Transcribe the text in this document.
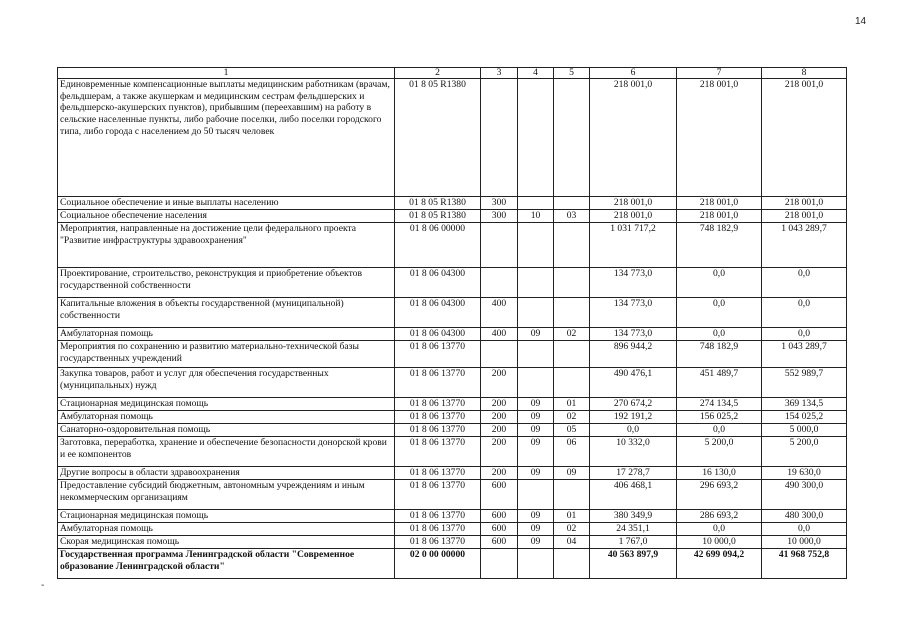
14
1	2	3	4	5	6	7	8
Единовременные компенсационные выплаты медицинским работникам (врачам, фельдшерам, а также акушеркам и медицинским сестрам фельдшерских и фельдшерско-акушерских пунктов), прибывшим (переехавшим) на работу в сельские населенные пункты, либо рабочие поселки, либо поселки городского типа, либо города с населением до 50 тысяч человек	01 8 05 R1380				218 001,0	218 001,0	218 001,0
Социальное обеспечение и иные выплаты населению	01 8 05 R1380	300			218 001,0	218 001,0	218 001,0
Социальное обеспечение населения	01 8 05 R1380	300	10	03	218 001,0	218 001,0	218 001,0
Мероприятия, направленные на достижение цели федерального проекта "Развитие инфраструктуры здравоохранения"	01 8 06 00000				1 031 717,2	748 182,9	1 043 289,7
Проектирование, строительство, реконструкция и приобретение объектов государственной собственности	01 8 06 04300				134 773,0	0,0	0,0
Капитальные вложения в объекты государственной (муниципальной) собственности	01 8 06 04300	400			134 773,0	0,0	0,0
Амбулаторная помощь	01 8 06 04300	400	09	02	134 773,0	0,0	0,0
Мероприятия по сохранению и развитию материально-технической базы государственных учреждений	01 8 06 13770				896 944,2	748 182,9	1 043 289,7
Закупка товаров, работ и услуг для обеспечения государственных (муниципальных) нужд	01 8 06 13770	200			490 476,1	451 489,7	552 989,7
Стационарная медицинская помощь	01 8 06 13770	200	09	01	270 674,2	274 134,5	369 134,5
Амбулаторная помощь	01 8 06 13770	200	09	02	192 191,2	156 025,2	154 025,2
Санаторно-оздоровительная помощь	01 8 06 13770	200	09	05	0,0	0,0	5 000,0
Заготовка, переработка, хранение и обеспечение безопасности донорской крови и ее компонентов	01 8 06 13770	200	09	06	10 332,0	5 200,0	5 200,0
Другие вопросы в области здравоохранения	01 8 06 13770	200	09	09	17 278,7	16 130,0	19 630,0
Предоставление субсидий бюджетным, автономным учреждениям и иным некоммерческим организациям	01 8 06 13770	600			406 468,1	296 693,2	490 300,0
Стационарная медицинская помощь	01 8 06 13770	600	09	01	380 349,9	286 693,2	480 300,0
Амбулаторная помощь	01 8 06 13770	600	09	02	24 351,1	0,0	0,0
Скорая медицинская помощь	01 8 06 13770	600	09	04	1 767,0	10 000,0	10 000,0
Государственная программа Ленинградской области "Современное образование Ленинградской области"	02 0 00 00000				40 563 897,9	42 699 094,2	41 968 752,8
-
